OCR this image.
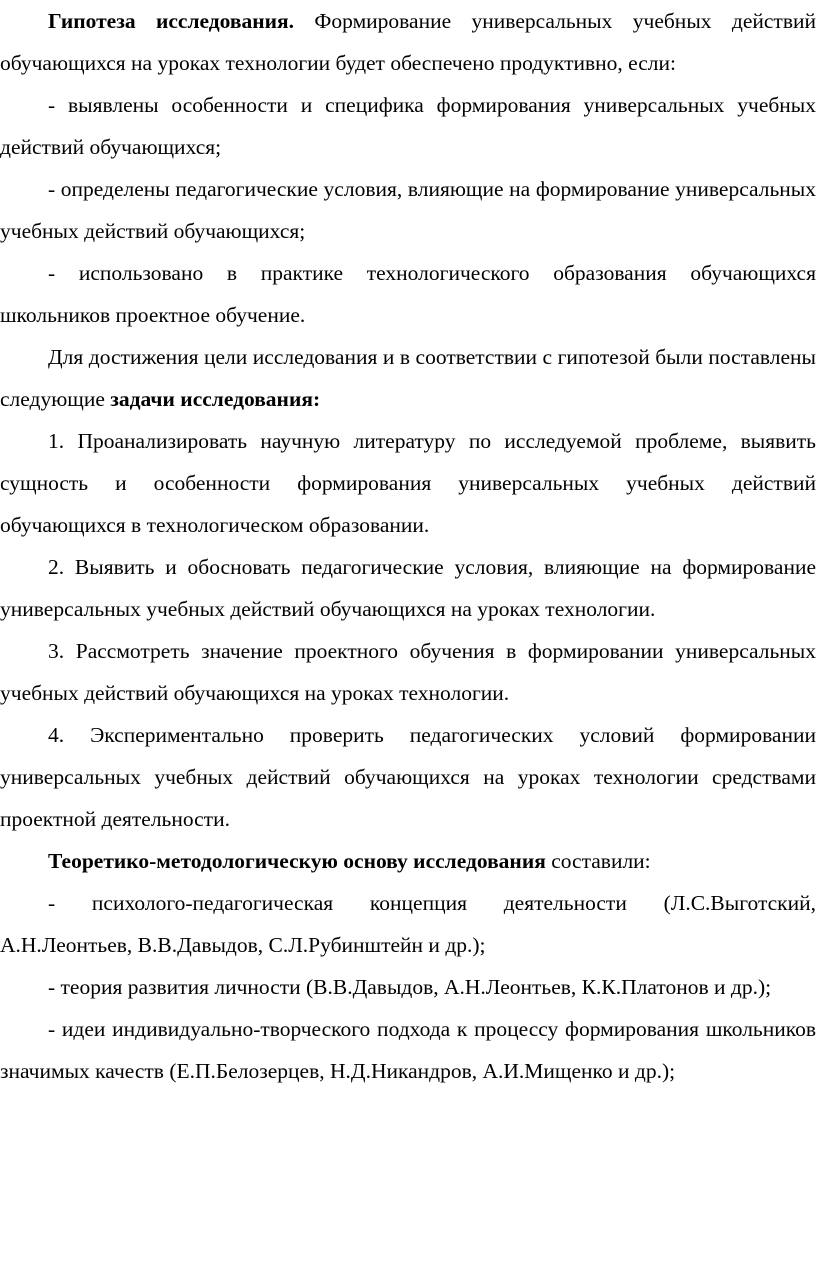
Гипотеза исследования. Формирование универсальных учебных действий обучающихся на уроках технологии будет обеспечено продуктивно, если:

- выявлены особенности и специфика формирования универсальных учебных действий обучающихся;

- определены педагогические условия, влияющие на формирование универсальных учебных действий обучающихся;

- использовано в практике технологического образования обучающихся школьников проектное обучение.

Для достижения цели исследования и в соответствии с гипотезой были поставлены следующие задачи исследования:

1. Проанализировать научную литературу по исследуемой проблеме, выявить сущность и особенности формирования универсальных учебных действий обучающихся в технологическом образовании.

2. Выявить и обосновать педагогические условия, влияющие на формирование универсальных учебных действий обучающихся на уроках технологии.

3. Рассмотреть значение проектного обучения в формировании универсальных учебных действий обучающихся на уроках технологии.

4. Экспериментально проверить педагогических условий формировании универсальных учебных действий обучающихся на уроках технологии средствами проектной деятельности.

Теоретико-методологическую основу исследования составили:

- психолого-педагогическая концепция деятельности (Л.С.Выготский, А.Н.Леонтьев, В.В.Давыдов, С.Л.Рубинштейн и др.);

- теория развития личности (В.В.Давыдов, А.Н.Леонтьев, К.К.Платонов и др.);

- идеи индивидуально-творческого подхода к процессу формирования школьников значимых качеств (Е.П.Белозерцев, Н.Д.Никандров, А.И.Мищенко и др.);
